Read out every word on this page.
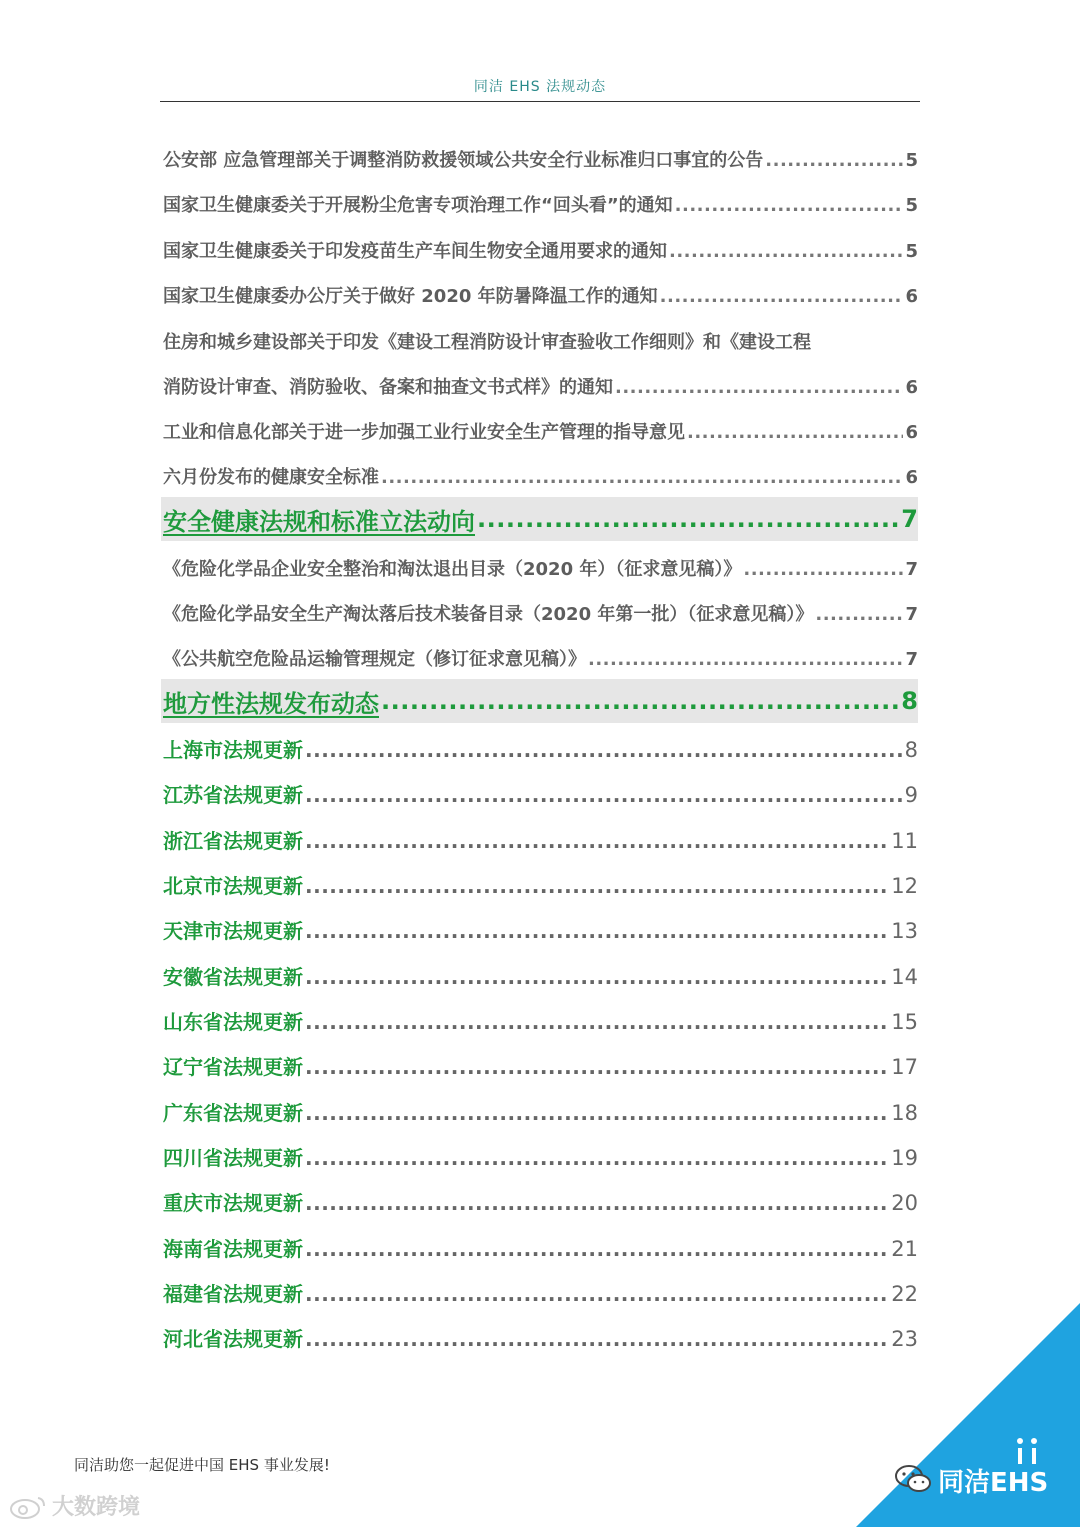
同洁 EHS 法规动态
公安部 应急管理部关于调整消防救援领域公共安全行业标准归口事宜的公告 .....	5
国家卫生健康委关于开展粉尘危害专项治理工作“回头看”的通知 .....	5
国家卫生健康委关于印发疫苗生产车间生物安全通用要求的通知 .....	5
国家卫生健康委办公厅关于做好 2020 年防暑降温工作的通知 .....	6
住房和城乡建设部关于印发《建设工程消防设计审查验收工作细则》和《建设工程
消防设计审查、消防验收、备案和抽查文书式样》的通知 .....	6
工业和信息化部关于进一步加强工业行业安全生产管理的指导意见 .....	6
六月份发布的健康安全标准 .....	6
安全健康法规和标准立法动向 .....	7
《危险化学品企业安全整治和淘汰退出目录（2020 年）（征求意见稿）》 .....	7
《危险化学品安全生产淘汰落后技术装备目录（2020 年第一批）（征求意见稿）》 .....	7
《公共航空危险品运输管理规定（修订征求意见稿）》 .....	7
地方性法规发布动态 .....	8
上海市法规更新 .....	8
江苏省法规更新 .....	9
浙江省法规更新 .....	11
北京市法规更新 .....	12
天津市法规更新 .....	13
安徽省法规更新 .....	14
山东省法规更新 .....	15
辽宁省法规更新 .....	17
广东省法规更新 .....	18
四川省法规更新 .....	19
重庆市法规更新 .....	20
海南省法规更新 .....	21
福建省法规更新 .....	22
河北省法规更新 .....	23
同洁助您一起促进中国 EHS 事业发展!
同洁EHS
大数跨境
